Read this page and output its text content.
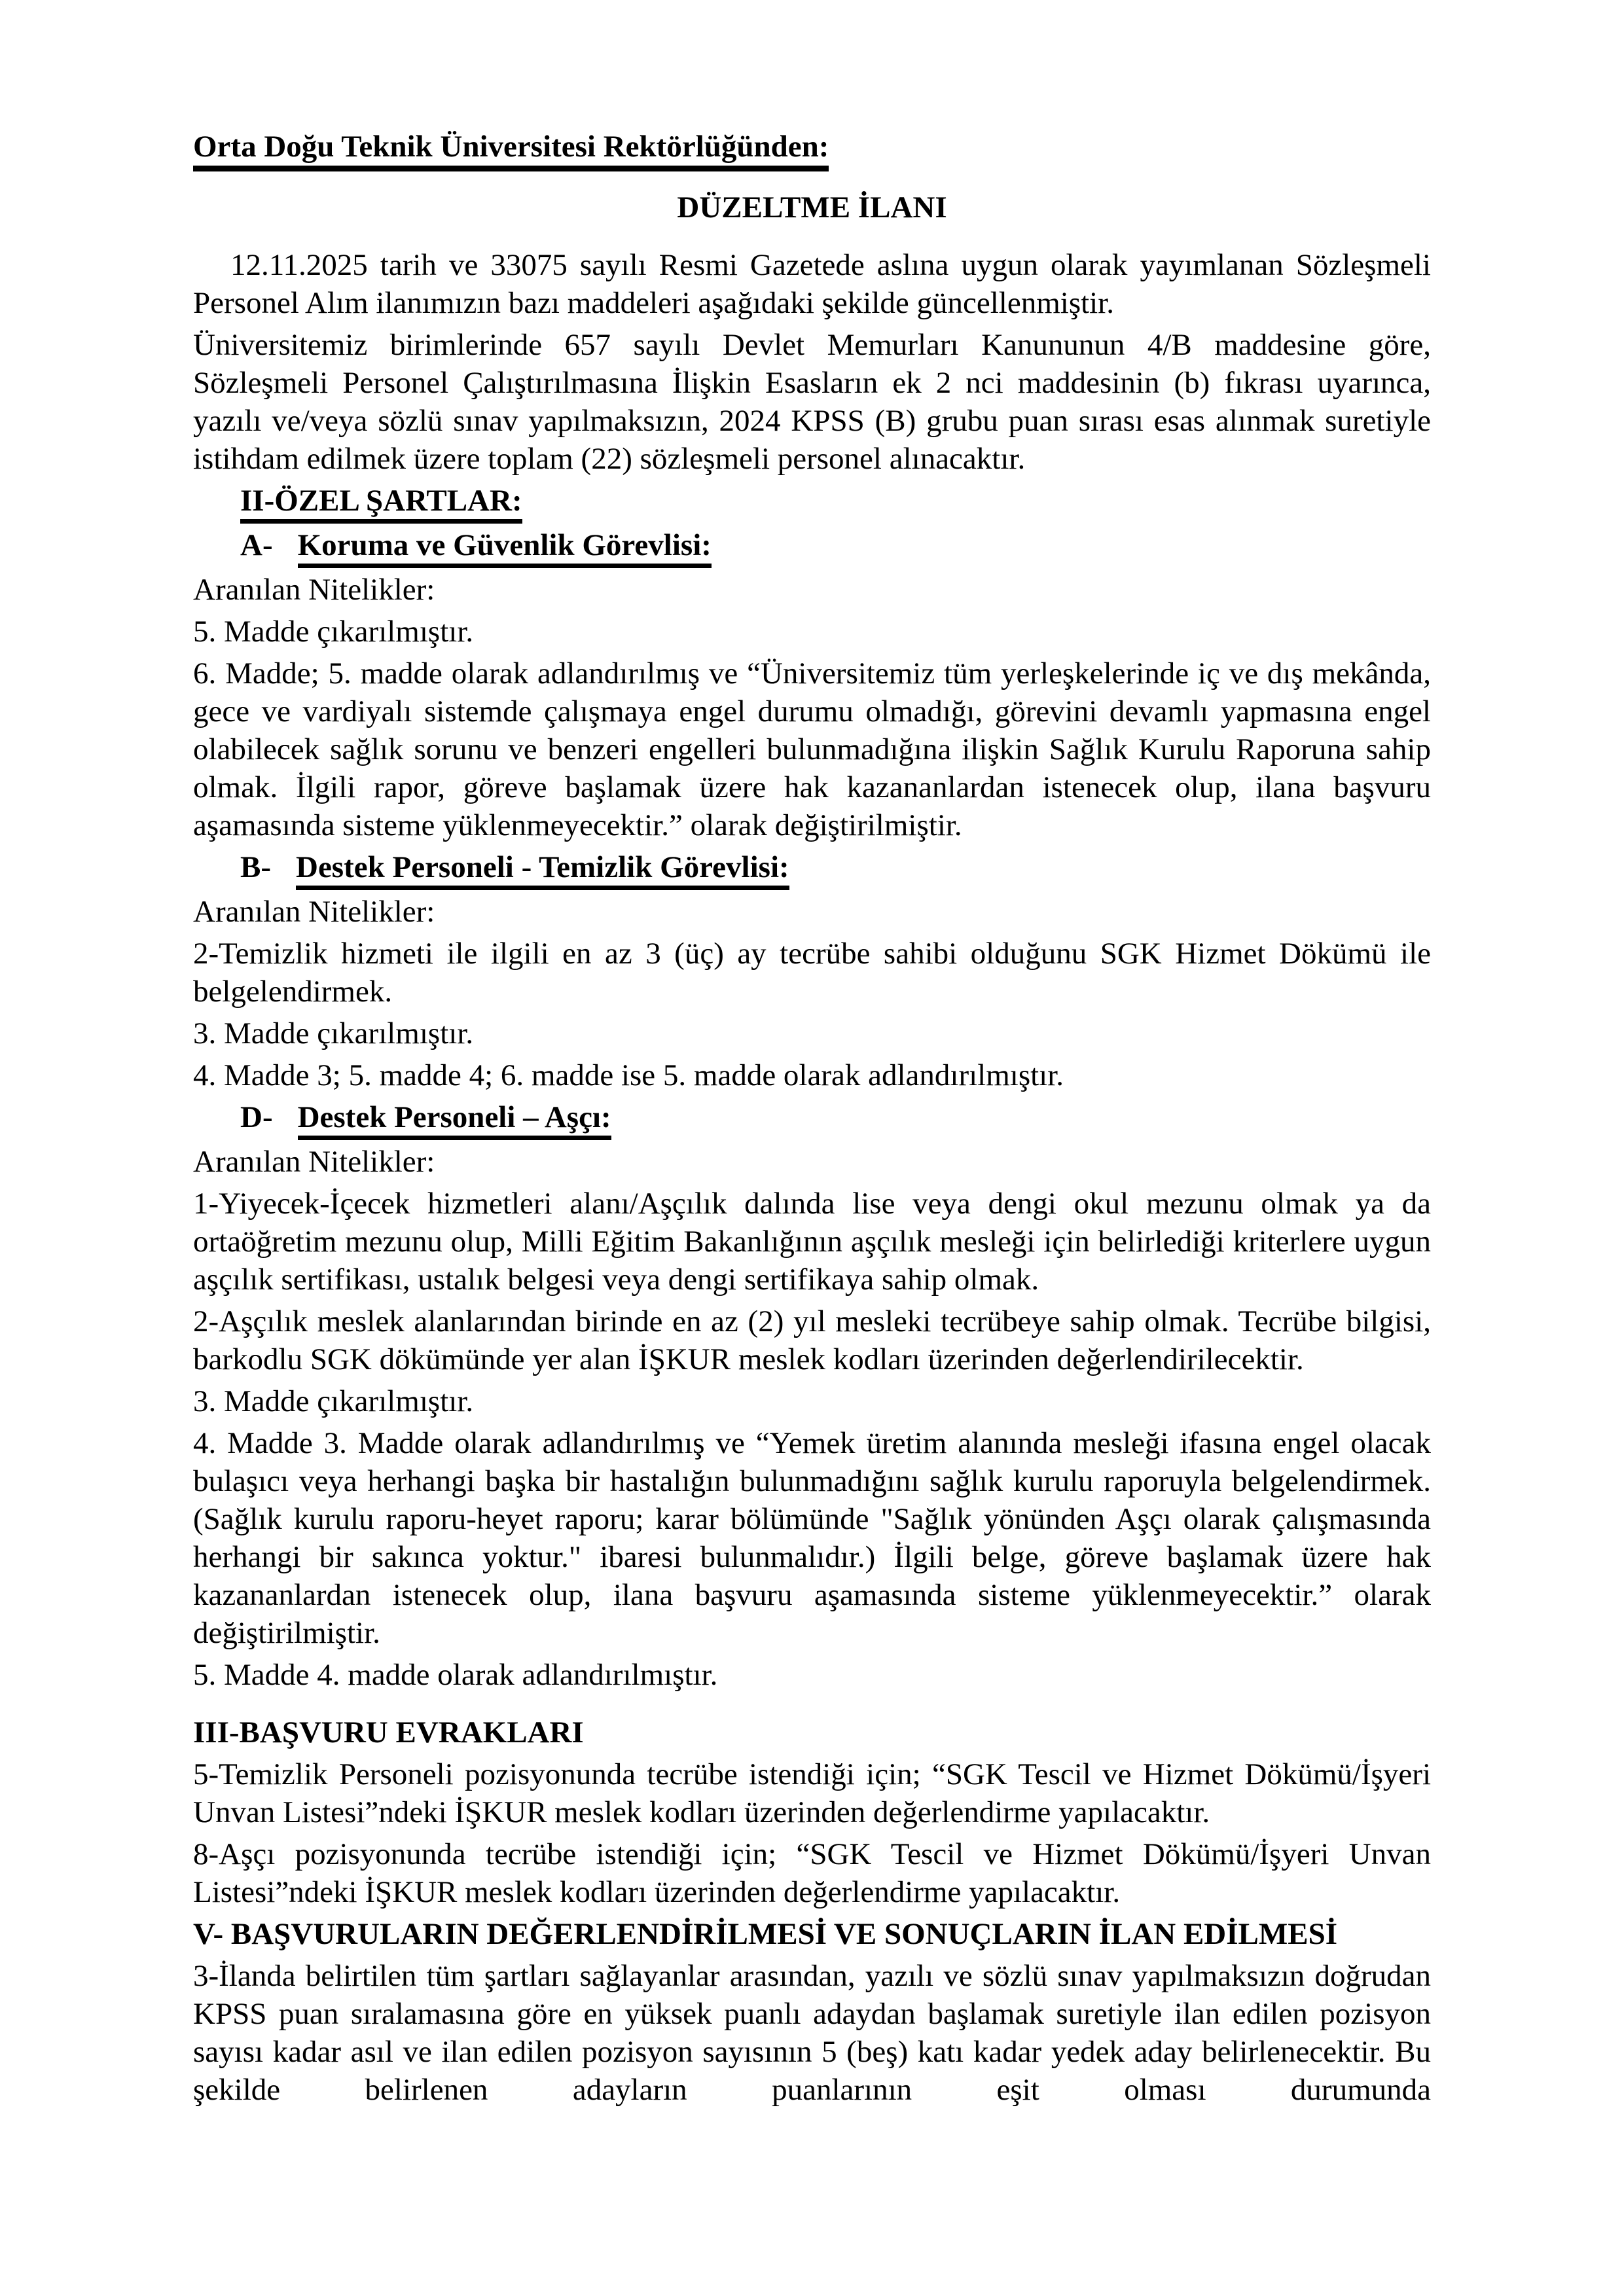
Orta Doğu Teknik Üniversitesi Rektörlüğünden:

DÜZELTME İLANI

12.11.2025 tarih ve 33075 sayılı Resmi Gazetede aslına uygun olarak yayımlanan Sözleşmeli Personel Alım ilanımızın bazı maddeleri aşağıdaki şekilde güncellenmiştir.

Üniversitemiz birimlerinde 657 sayılı Devlet Memurları Kanununun 4/B maddesine göre, Sözleşmeli Personel Çalıştırılmasına İlişkin Esasların ek 2 nci maddesinin (b) fıkrası uyarınca, yazılı ve/veya sözlü sınav yapılmaksızın, 2024 KPSS (B) grubu puan sırası esas alınmak suretiyle istihdam edilmek üzere toplam (22) sözleşmeli personel alınacaktır.

II-ÖZEL ŞARTLAR:

A- Koruma ve Güvenlik Görevlisi:

Aranılan Nitelikler:

5. Madde çıkarılmıştır.

6. Madde; 5. madde olarak adlandırılmış ve “Üniversitemiz tüm yerleşkelerinde iç ve dış mekânda, gece ve vardiyalı sistemde çalışmaya engel durumu olmadığı, görevini devamlı yapmasına engel olabilecek sağlık sorunu ve benzeri engelleri bulunmadığına ilişkin Sağlık Kurulu Raporuna sahip olmak. İlgili rapor, göreve başlamak üzere hak kazananlardan istenecek olup, ilana başvuru aşamasında sisteme yüklenmeyecektir.” olarak değiştirilmiştir.

B- Destek Personeli - Temizlik Görevlisi:

Aranılan Nitelikler:

2-Temizlik hizmeti ile ilgili en az 3 (üç) ay tecrübe sahibi olduğunu SGK Hizmet Dökümü ile belgelendirmek.

3. Madde çıkarılmıştır.

4. Madde 3; 5. madde 4; 6. madde ise 5. madde olarak adlandırılmıştır.

D- Destek Personeli – Aşçı:

Aranılan Nitelikler:

1-Yiyecek-İçecek hizmetleri alanı/Aşçılık dalında lise veya dengi okul mezunu olmak ya da ortaöğretim mezunu olup, Milli Eğitim Bakanlığının aşçılık mesleği için belirlediği kriterlere uygun aşçılık sertifikası, ustalık belgesi veya dengi sertifikaya sahip olmak.

2-Aşçılık meslek alanlarından birinde en az (2) yıl mesleki tecrübeye sahip olmak. Tecrübe bilgisi, barkodlu SGK dökümünde yer alan İŞKUR meslek kodları üzerinden değerlendirilecektir.

3. Madde çıkarılmıştır.

4. Madde 3. Madde olarak adlandırılmış ve “Yemek üretim alanında mesleği ifasına engel olacak bulaşıcı veya herhangi başka bir hastalığın bulunmadığını sağlık kurulu raporuyla belgelendirmek. (Sağlık kurulu raporu-heyet raporu; karar bölümünde "Sağlık yönünden Aşçı olarak çalışmasında herhangi bir sakınca yoktur." ibaresi bulunmalıdır.) İlgili belge, göreve başlamak üzere hak kazananlardan istenecek olup, ilana başvuru aşamasında sisteme yüklenmeyecektir.” olarak değiştirilmiştir.

5. Madde 4. madde olarak adlandırılmıştır.

III-BAŞVURU EVRAKLARI

5-Temizlik Personeli pozisyonunda tecrübe istendiği için; “SGK Tescil ve Hizmet Dökümü/İşyeri Unvan Listesi”ndeki İŞKUR meslek kodları üzerinden değerlendirme yapılacaktır.

8-Aşçı pozisyonunda tecrübe istendiği için; “SGK Tescil ve Hizmet Dökümü/İşyeri Unvan Listesi”ndeki İŞKUR meslek kodları üzerinden değerlendirme yapılacaktır.

V- BAŞVURULARIN DEĞERLENDİRİLMESİ VE SONUÇLARIN İLAN EDİLMESİ

3-İlanda belirtilen tüm şartları sağlayanlar arasından, yazılı ve sözlü sınav yapılmaksızın doğrudan KPSS puan sıralamasına göre en yüksek puanlı adaydan başlamak suretiyle ilan edilen pozisyon sayısı kadar asıl ve ilan edilen pozisyon sayısının 5 (beş) katı kadar yedek aday belirlenecektir. Bu şekilde belirlenen adayların puanlarının eşit olması durumunda
